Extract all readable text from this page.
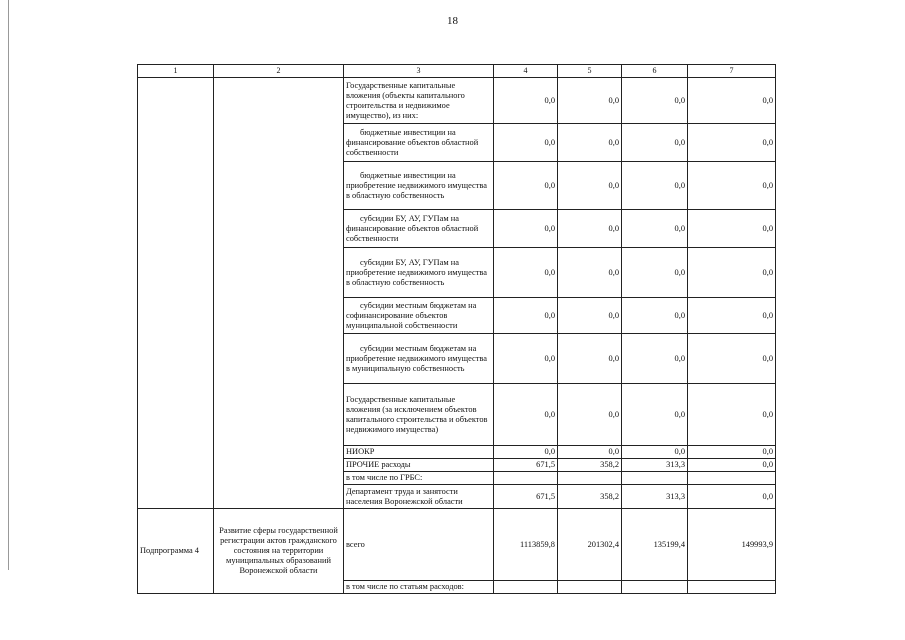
18
1	2	3	4	5	6	7
		Государственные капитальные вложения (объекты капитального строительства и недвижимое имущество), из них:	0,0	0,0	0,0	0,0
		бюджетные инвестиции на финансирование объектов областной собственности	0,0	0,0	0,0	0,0
		бюджетные инвестиции на приобретение недвижимого имущества в областную собственность	0,0	0,0	0,0	0,0
		субсидии БУ, АУ, ГУПам на финансирование объектов областной собственности	0,0	0,0	0,0	0,0
		субсидии БУ, АУ, ГУПам на приобретение недвижимого имущества в областную собственность	0,0	0,0	0,0	0,0
		субсидии местным бюджетам на софинансирование объектов муниципальной собственности	0,0	0,0	0,0	0,0
		субсидии местным бюджетам на приобретение недвижимого имущества в муниципальную собственность	0,0	0,0	0,0	0,0
		Государственные капитальные вложения (за исключением объектов капитального строительства и объектов недвижимого имущества)	0,0	0,0	0,0	0,0
		НИОКР	0,0	0,0	0,0	0,0
		ПРОЧИЕ расходы	671,5	358,2	313,3	0,0
		в том числе по ГРБС:				
		Департамент труда и занятости населения Воронежской области	671,5	358,2	313,3	0,0
Подпрограмма 4	Развитие сферы государственной регистрации актов гражданского состояния на территории муниципальных образований Воронежской области	всего	1113859,8	201302,4	135199,4	149993,9
		в том числе по статьям расходов:				
